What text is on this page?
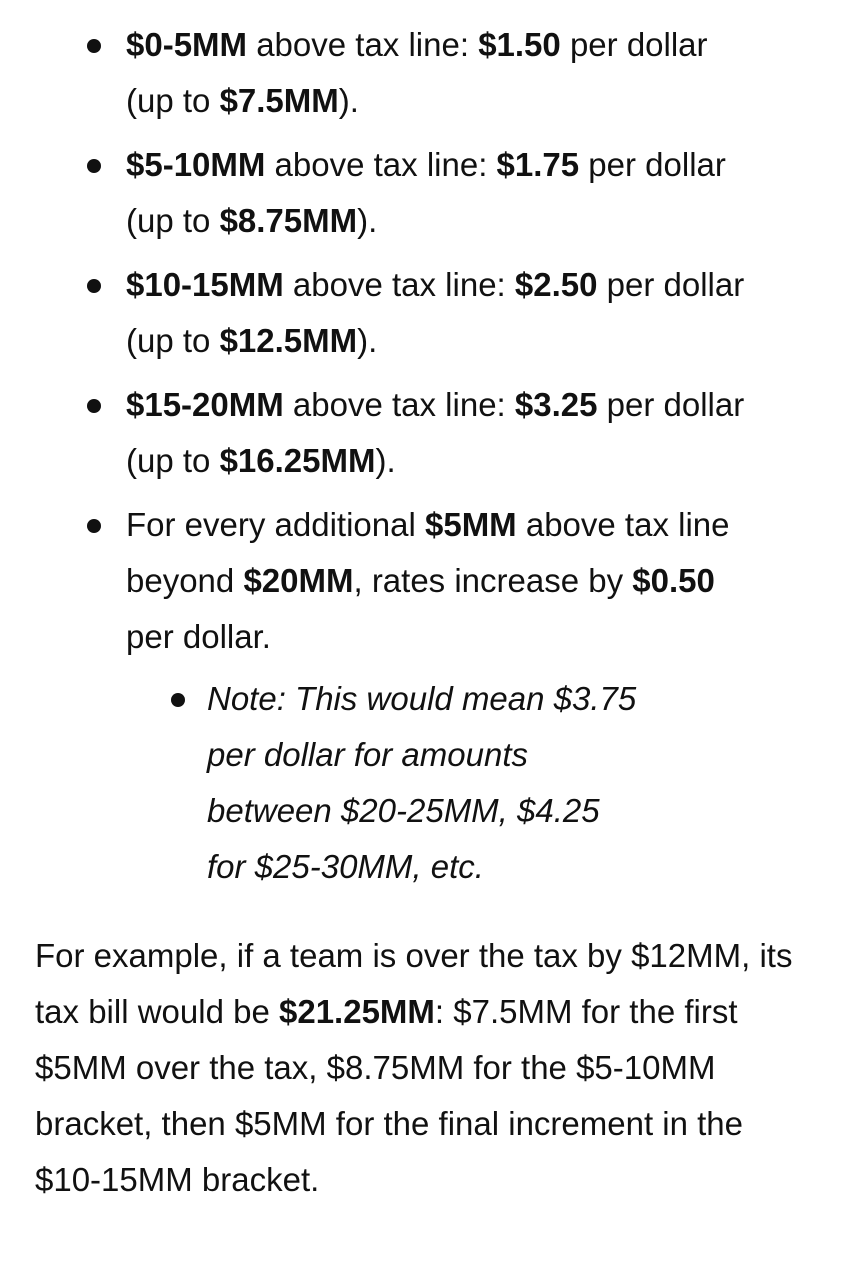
$0-5MM above tax line: $1.50 per dollar (up to $7.5MM).
$5-10MM above tax line: $1.75 per dollar (up to $8.75MM).
$10-15MM above tax line: $2.50 per dollar (up to $12.5MM).
$15-20MM above tax line: $3.25 per dollar (up to $16.25MM).
For every additional $5MM above tax line beyond $20MM, rates increase by $0.50 per dollar.
Note: This would mean $3.75 per dollar for amounts between $20-25MM, $4.25 for $25-30MM, etc.

For example, if a team is over the tax by $12MM, its tax bill would be $21.25MM: $7.5MM for the first $5MM over the tax, $8.75MM for the $5-10MM bracket, then $5MM for the final increment in the $10-15MM bracket.
